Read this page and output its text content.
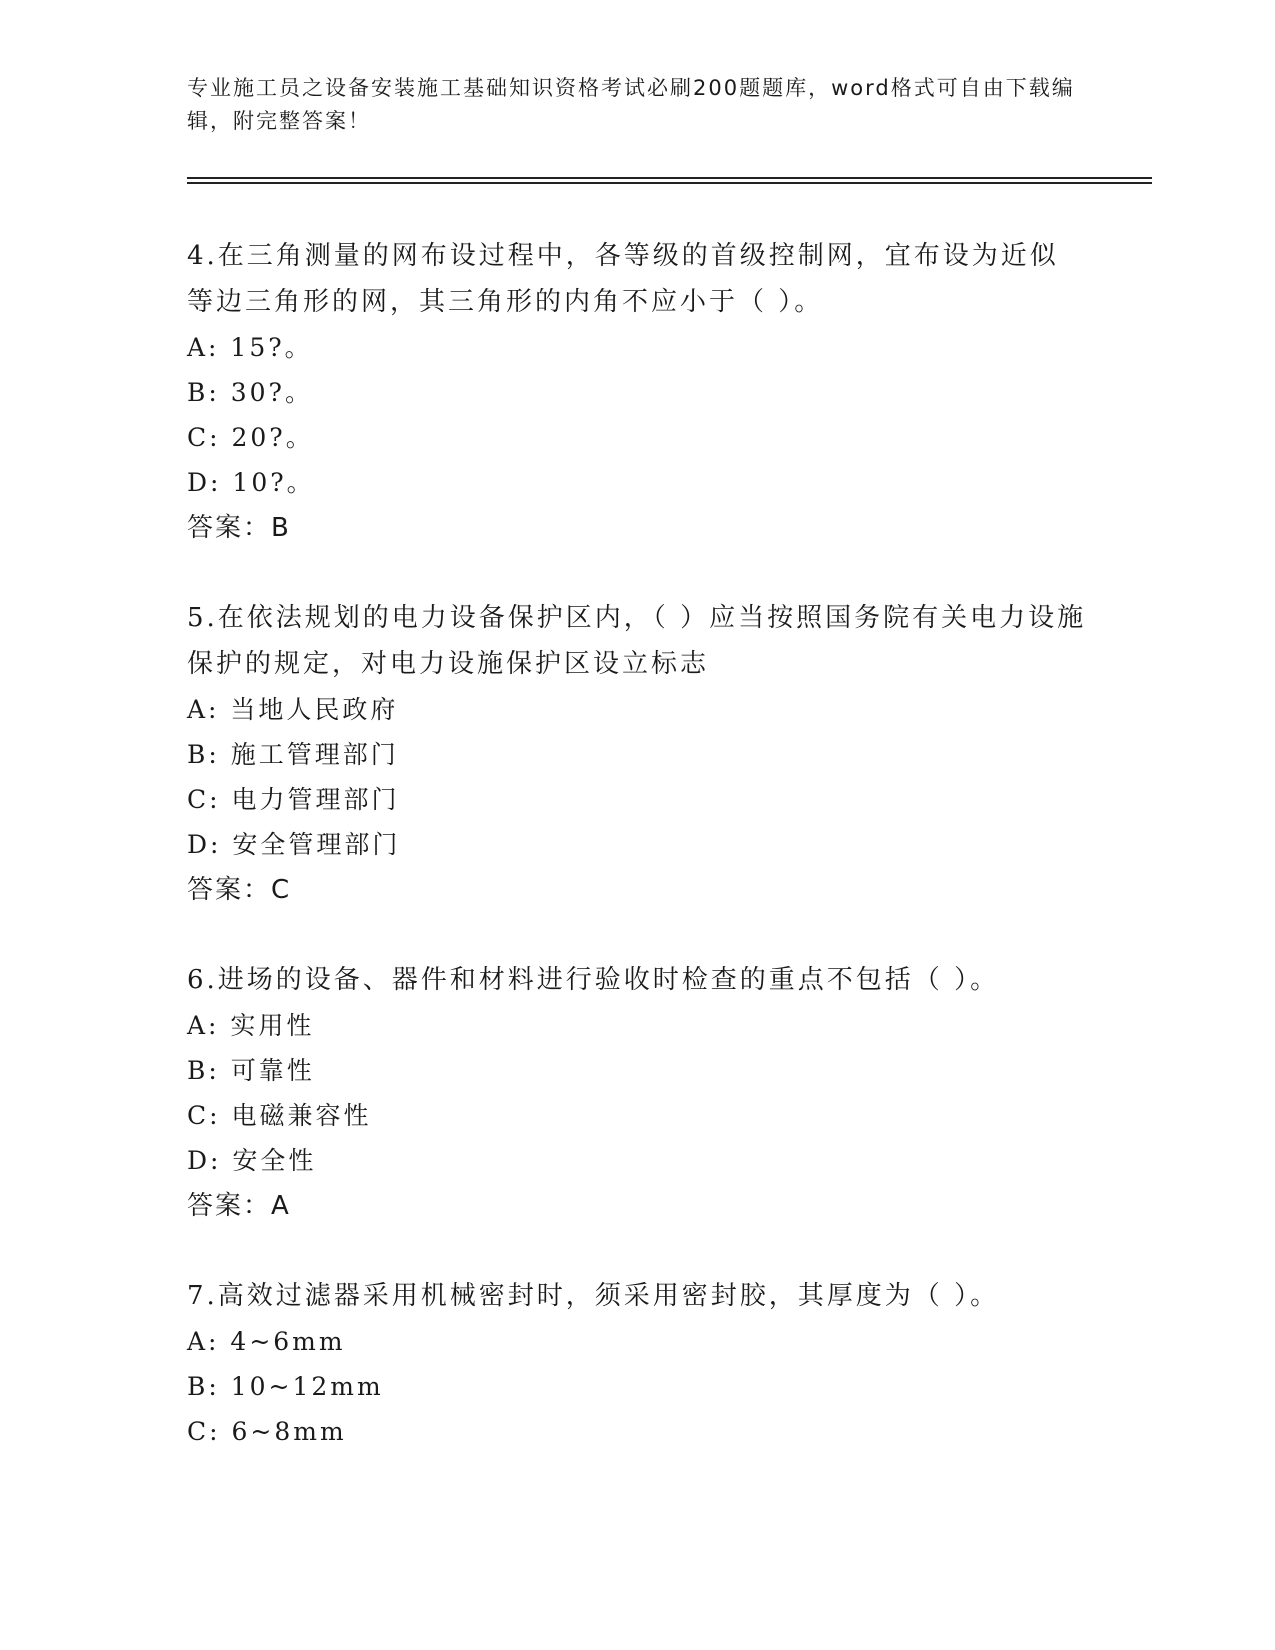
专业施工员之设备安装施工基础知识资格考试必刷200题题库，word格式可自由下载编辑，附完整答案！

4.在三角测量的网布设过程中，各等级的首级控制网，宜布设为近似等边三角形的网，其三角形的内角不应小于（ ）。

A: 15?。

B: 30?。

C: 20?。

D: 10?。

答案：B

5.在依法规划的电力设备保护区内，（ ）应当按照国务院有关电力设施保护的规定，对电力设施保护区设立标志

A: 当地人民政府

B: 施工管理部门

C: 电力管理部门

D: 安全管理部门

答案：C

6.进场的设备、器件和材料进行验收时检查的重点不包括（ ）。

A: 实用性

B: 可靠性

C: 电磁兼容性

D: 安全性

答案：A

7.高效过滤器采用机械密封时，须采用密封胶，其厚度为（ ）。

A: 4~6mm

B: 10~12mm

C: 6~8mm
